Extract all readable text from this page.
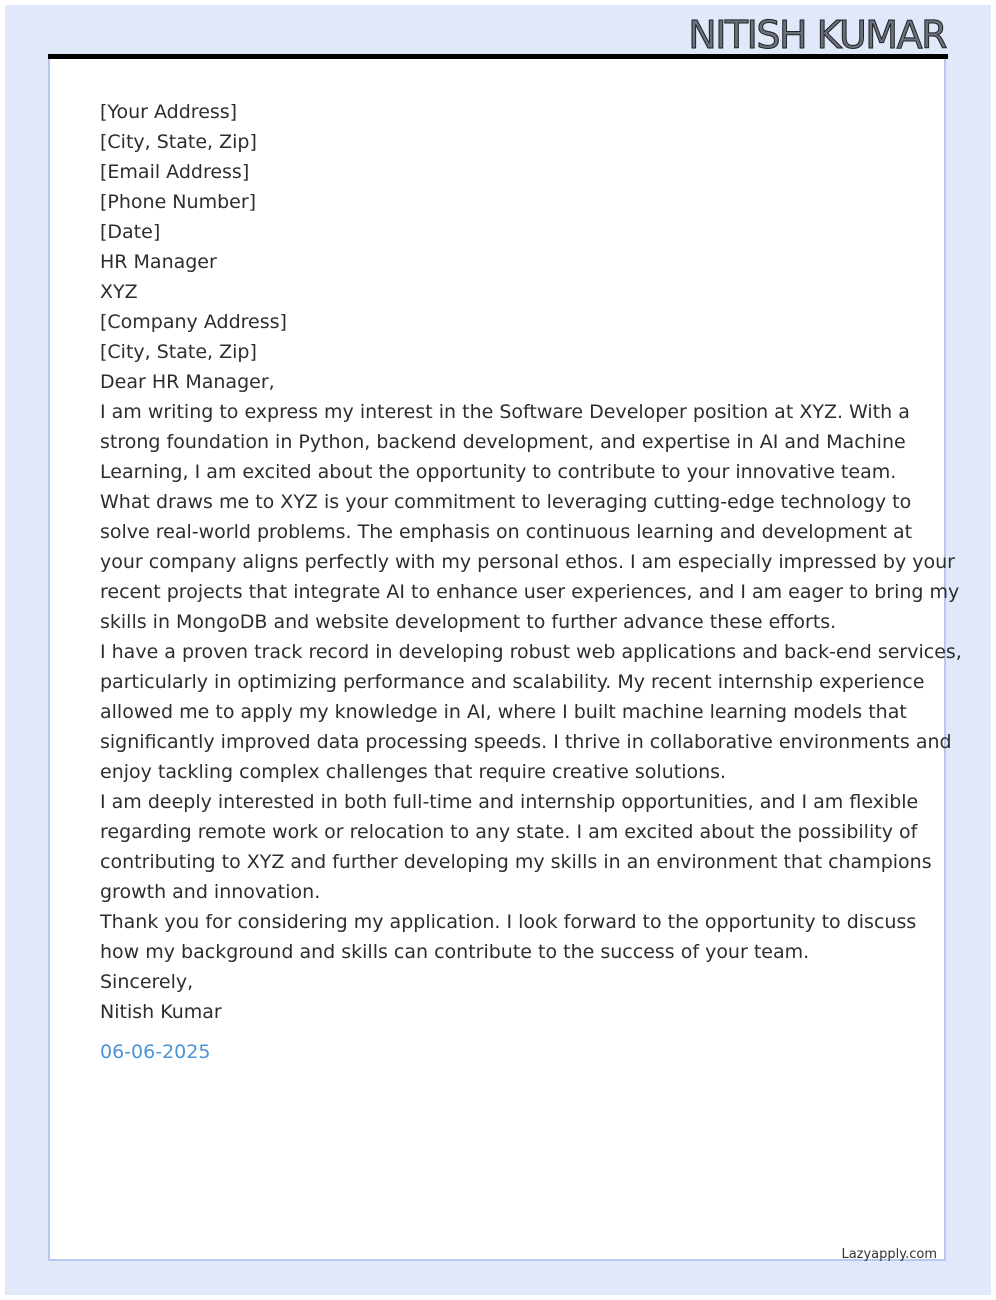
NITISH KUMAR

[Your Address]
[City, State, Zip]
[Email Address]
[Phone Number]
[Date]

HR Manager
XYZ
[Company Address]
[City, State, Zip]

Dear HR Manager,

I am writing to express my interest in the Software Developer position at XYZ. With a
strong foundation in Python, backend development, and expertise in AI and Machine
Learning, I am excited about the opportunity to contribute to your innovative team.

What draws me to XYZ is your commitment to leveraging cutting-edge technology to
solve real-world problems. The emphasis on continuous learning and development at
your company aligns perfectly with my personal ethos. I am especially impressed by your
recent projects that integrate AI to enhance user experiences, and I am eager to bring my
skills in MongoDB and website development to further advance these efforts.

I have a proven track record in developing robust web applications and back-end services,
particularly in optimizing performance and scalability. My recent internship experience
allowed me to apply my knowledge in AI, where I built machine learning models that
significantly improved data processing speeds. I thrive in collaborative environments and
enjoy tackling complex challenges that require creative solutions.

I am deeply interested in both full-time and internship opportunities, and I am flexible
regarding remote work or relocation to any state. I am excited about the possibility of
contributing to XYZ and further developing my skills in an environment that champions
growth and innovation.

Thank you for considering my application. I look forward to the opportunity to discuss
how my background and skills can contribute to the success of your team.

Sincerely,
Nitish Kumar
06-06-2025

Lazyapply.com
